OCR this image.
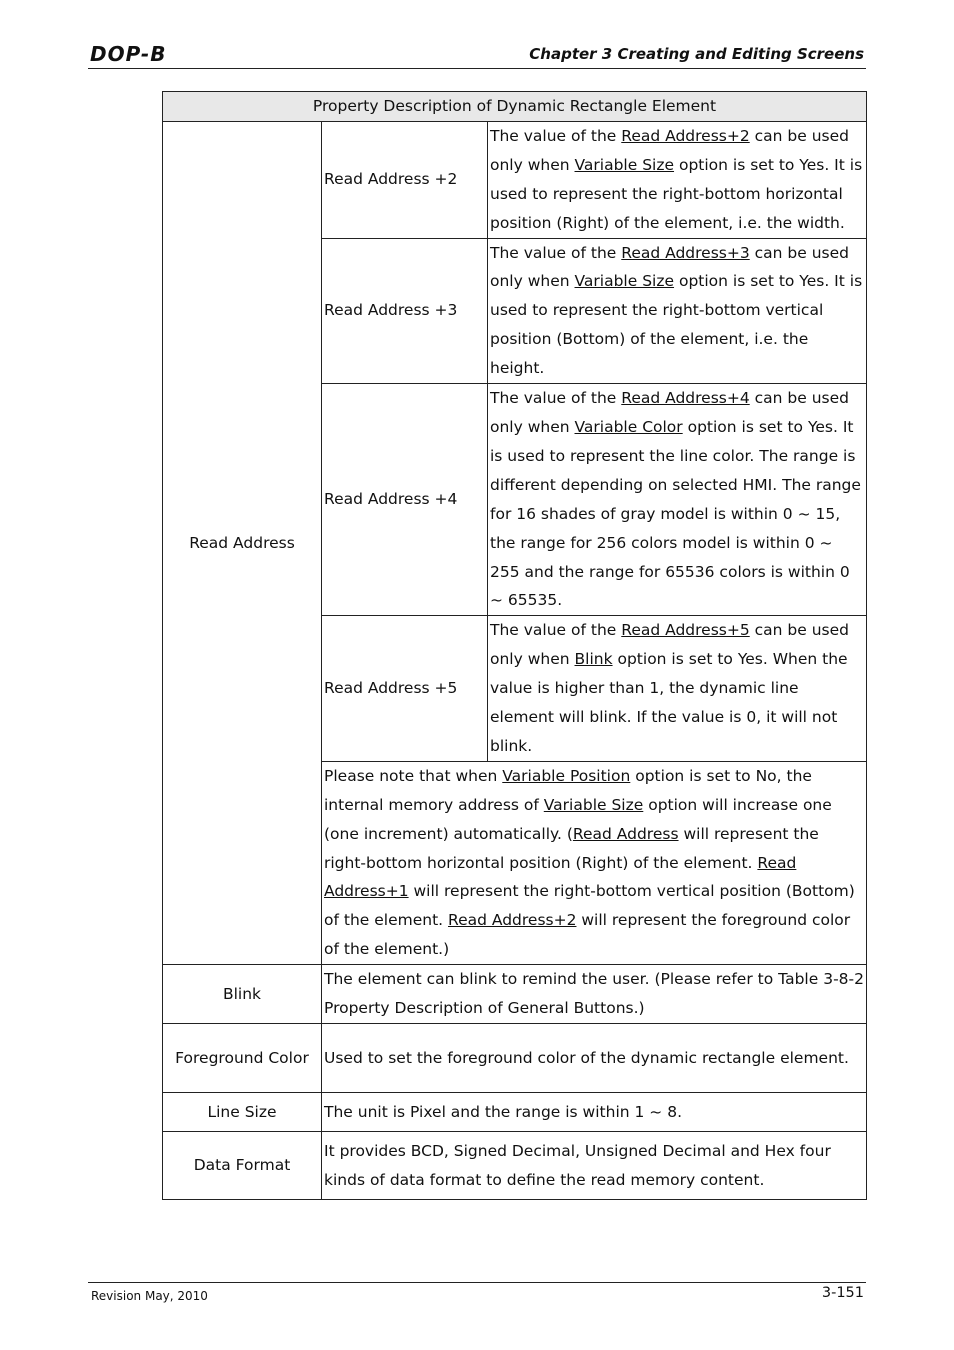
DOP-B	Chapter 3 Creating and Editing Screens
Property Description of Dynamic Rectangle Element		
Read Address	Read Address +2	The value of the Read Address+2 can be used only when Variable Size option is set to Yes. It is used to represent the right-bottom horizontal position (Right) of the element, i.e. the width.
	Read Address +3	The value of the Read Address+3 can be used only when Variable Size option is set to Yes. It is used to represent the right-bottom vertical position (Bottom) of the element, i.e. the height.
	Read Address +4	The value of the Read Address+4 can be used only when Variable Color option is set to Yes. It is used to represent the line color. The range is different depending on selected HMI. The range for 16 shades of gray model is within 0 ~ 15, the range for 256 colors model is within 0 ~ 255 and the range for 65536 colors is within 0 ~ 65535.
	Read Address +5	The value of the Read Address+5 can be used only when Blink option is set to Yes. When the value is higher than 1, the dynamic line element will blink. If the value is 0, it will not blink.
	Please note that when Variable Position option is set to No, the internal memory address of Variable Size option will increase one (one increment) automatically. (Read Address will represent the right-bottom horizontal position (Right) of the element. Read Address+1 will represent the right-bottom vertical position (Bottom) of the element. Read Address+2 will represent the foreground color of the element.)	
Blink	The element can blink to remind the user. (Please refer to Table 3-8-2 Property Description of General Buttons.)	
Foreground Color	Used to set the foreground color of the dynamic rectangle element.	
Line Size	The unit is Pixel and the range is within 1 ~ 8.	
Data Format	It provides BCD, Signed Decimal, Unsigned Decimal and Hex four kinds of data format to define the read memory content.	
Revision May, 2010	3-151
